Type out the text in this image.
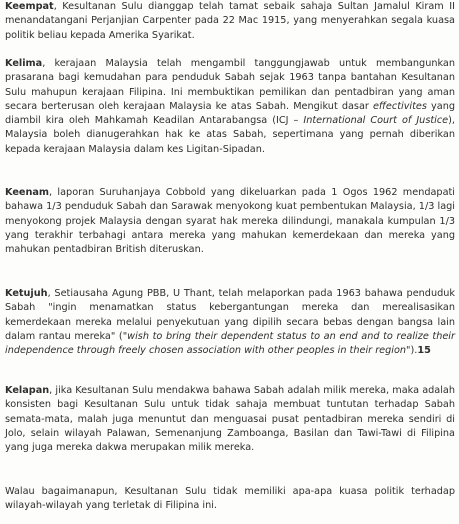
Keempat, Kesultanan Sulu dianggap telah tamat sebaik sahaja Sultan Jamalul Kiram II menandatangani Perjanjian Carpenter pada 22 Mac 1915, yang menyerahkan segala kuasa politik beliau kepada Amerika Syarikat.

Kelima, kerajaan Malaysia telah mengambil tanggungjawab untuk membangunkan prasarana bagi kemudahan para penduduk Sabah sejak 1963 tanpa bantahan Kesultanan Sulu mahupun kerajaan Filipina. Ini membuktikan pemilikan dan pentadbiran yang aman secara berterusan oleh kerajaan Malaysia ke atas Sabah. Mengikut dasar effectivites yang diambil kira oleh Mahkamah Keadilan Antarabangsa (ICJ – International Court of Justice), Malaysia boleh dianugerahkan hak ke atas Sabah, sepertimana yang pernah diberikan kepada kerajaan Malaysia dalam kes Ligitan-Sipadan.

Keenam, laporan Suruhanjaya Cobbold yang dikeluarkan pada 1 Ogos 1962 mendapati bahawa 1/3 penduduk Sabah dan Sarawak menyokong kuat pembentukan Malaysia, 1/3 lagi menyokong projek Malaysia dengan syarat hak mereka dilindungi, manakala kumpulan 1/3 yang terakhir terbahagi antara mereka yang mahukan kemerdekaan dan mereka yang mahukan pentadbiran British diteruskan.

Ketujuh, Setiausaha Agung PBB, U Thant, telah melaporkan pada 1963 bahawa penduduk Sabah "ingin menamatkan status kebergantungan mereka dan merealisasikan kemerdekaan mereka melalui penyekutuan yang dipilih secara bebas dengan bangsa lain dalam rantau mereka" ("wish to bring their dependent status to an end and to realize their independence through freely chosen association with other peoples in their region").15

Kelapan, jika Kesultanan Sulu mendakwa bahawa Sabah adalah milik mereka, maka adalah konsisten bagi Kesultanan Sulu untuk tidak sahaja membuat tuntutan terhadap Sabah semata-mata, malah juga menuntut dan menguasai pusat pentadbiran mereka sendiri di Jolo, selain wilayah Palawan, Semenanjung Zamboanga, Basilan dan Tawi-Tawi di Filipina yang juga mereka dakwa merupakan milik mereka.

Walau bagaimanapun, Kesultanan Sulu tidak memiliki apa-apa kuasa politik terhadap wilayah-wilayah yang terletak di Filipina ini.
